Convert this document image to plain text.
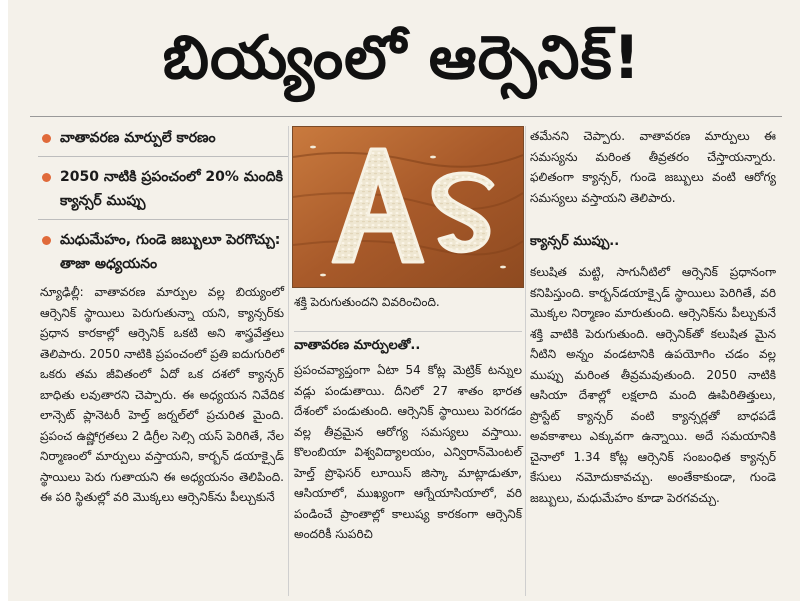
బియ్యంలో ఆర్సెనిక్!
వాతావరణ మార్పులే కారణం
2050 నాటికి ప్రపంచంలో 20% మందికి క్యాన్సర్ ముప్పు
మధుమేహం, గుండె జబ్బులూ పెరగొచ్చు: తాజా అధ్యయనం
న్యూఢిల్లీ: వాతావరణ మార్పుల వల్ల బియ్యంలో ఆర్సెనిక్ స్థాయిలు పెరుగుతున్నా యని, క్యాన్సర్‌కు ప్రధాన కారకాల్లో ఆర్సెనిక్ ఒకటి అని శాస్త్రవేత్తలు తెలిపారు. 2050 నాటికి ప్రపంచంలో ప్రతి ఐదుగురిలో ఒకరు తమ జీవితంలో ఏదో ఒక దశలో క్యాన్సర్ బాధితు లవుతారని చెప్పారు. ఈ అధ్యయన నివేదిక లాన్సెట్ ప్లానెటరీ హెల్త్ జర్నల్‌లో ప్రచురిత మైంది. ప్రపంచ ఉష్ణోగ్రతలు 2 డిగ్రీల సెల్సి యస్ పెరిగితే, నేల నిర్మాణంలో మార్పులు వస్తాయని, కార్బన్ డయాక్సైడ్ స్థాయిలు పెరు గుతాయని ఈ అధ్యయనం తెలిపింది. ఈ పరి స్థితుల్లో వరి మొక్కలు ఆర్సెనిక్‌ను పీల్చుకునే
శక్తి పెరుగుతుందని వివరించింది.
వాతావరణ మార్పులతో..
ప్రపంచవ్యాప్తంగా ఏటా 54 కోట్ల మెట్రిక్ టన్నుల వడ్లు పండుతాయి. దీనిలో 27 శాతం భారత దేశంలో పండుతుంది. ఆర్సెనిక్ స్థాయిలు పెరగడం వల్ల తీవ్రమైన ఆరోగ్య సమస్యలు వస్తాయి. కొలంబియా విశ్వవిద్యాలయం, ఎన్విరాన్‌మెంటల్ హెల్త్ ప్రొఫెసర్ లూయిస్ జిస్కా మాట్లాడుతూ, ఆసియాలో, ముఖ్యంగా ఆగ్నేయాసియాలో, వరి పండించే ప్రాంతాల్లో కాలుష్య కారకంగా ఆర్సెనిక్ అందరికీ సుపరిచి
తమేనని చెప్పారు. వాతావరణ మార్పులు ఈ సమస్యను మరింత తీవ్రతరం చేస్తాయన్నారు. ఫలితంగా క్యాన్సర్, గుండె జబ్బులు వంటి ఆరోగ్య సమస్యలు వస్తాయని తెలిపారు.
క్యాన్సర్ ముప్పు..
కలుషిత మట్టి, సాగునీటిలో ఆర్సెనిక్ ప్రధానంగా కనిపిస్తుంది. కార్బన్‌డయాక్సైడ్ స్థాయిలు పెరిగితే, వరి మొక్కల నిర్మాణం మారుతుంది. ఆర్సెనిక్‌ను పీల్చుకునే శక్తి వాటికి పెరుగుతుంది. ఆర్సెనిక్‌తో కలుషిత మైన నీటిని అన్నం వండటానికి ఉపయోగిం చడం వల్ల ముప్పు మరింత తీవ్రమవుతుంది. 2050 నాటికి ఆసియా దేశాల్లో లక్షలాది మంది ఊపిరితిత్తులు, ప్రొస్టేట్ క్యాన్సర్ వంటి క్యాన్సర్లతో బాధపడే అవకాశాలు ఎక్కువగా ఉన్నాయి. అదే సమయానికి చైనాలో 1.34 కోట్ల ఆర్సెనిక్ సంబంధిత క్యాన్సర్ కేసులు నమోదుకావచ్చు. అంతేకాకుండా, గుండె జబ్బులు, మధుమేహం కూడా పెరగవచ్చు.
